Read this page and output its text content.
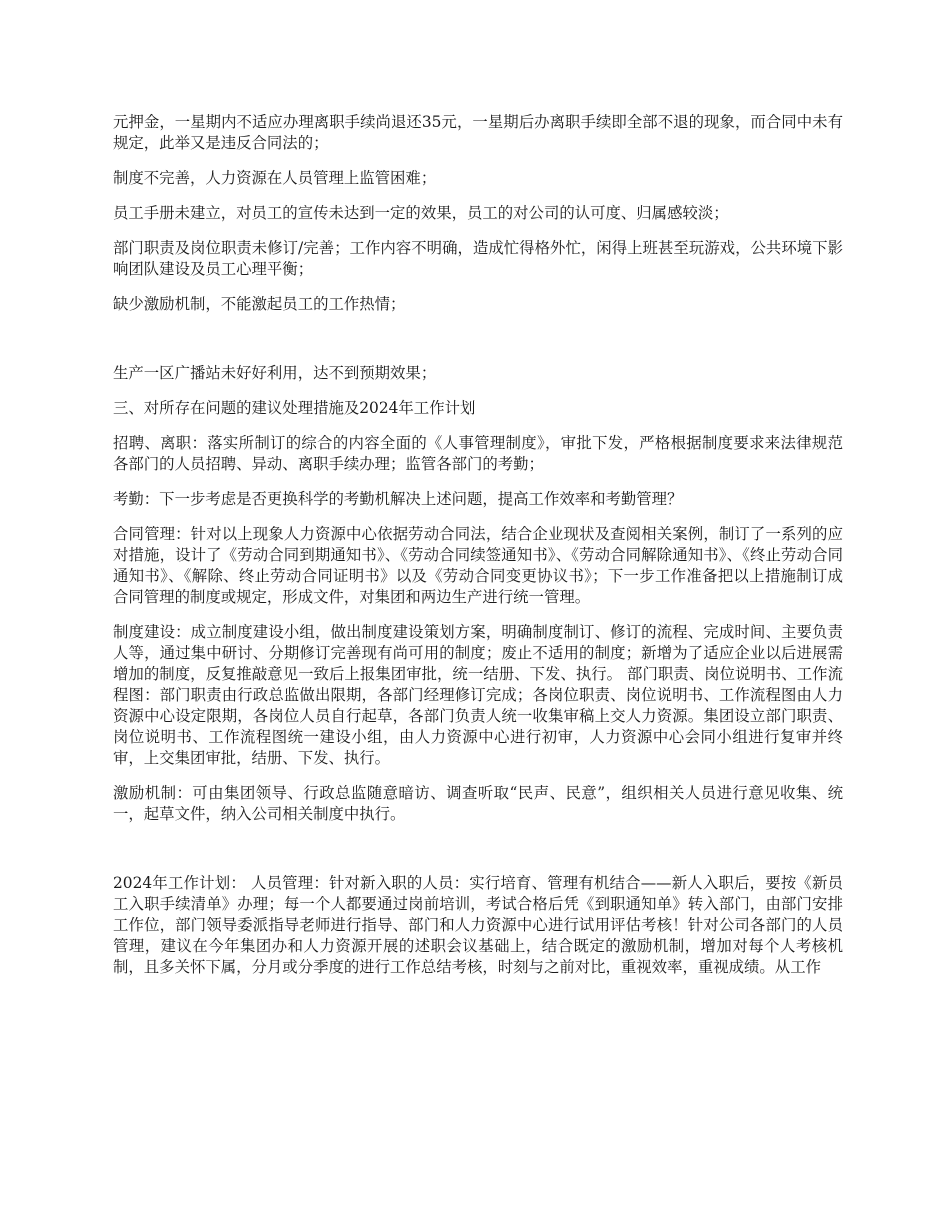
元押金，一星期内不适应办理离职手续尚退还35元，一星期后办离职手续即全部不退的现象，而合同中未有规定，此举又是违反合同法的；

制度不完善，人力资源在人员管理上监管困难；

员工手册未建立，对员工的宣传未达到一定的效果，员工的对公司的认可度、归属感较淡；

部门职责及岗位职责未修订/完善；工作内容不明确，造成忙得格外忙，闲得上班甚至玩游戏，公共环境下影响团队建设及员工心理平衡；

缺少激励机制，不能激起员工的工作热情；

生产一区广播站未好好利用，达不到预期效果；

三、对所存在问题的建议处理措施及2024年工作计划

招聘、离职：落实所制订的综合的内容全面的《人事管理制度》，审批下发，严格根据制度要求来法律规范各部门的人员招聘、异动、离职手续办理；监管各部门的考勤；

考勤：下一步考虑是否更换科学的考勤机解决上述问题，提高工作效率和考勤管理？

合同管理：针对以上现象人力资源中心依据劳动合同法，结合企业现状及查阅相关案例，制订了一系列的应对措施，设计了《劳动合同到期通知书》、《劳动合同续签通知书》、《劳动合同解除通知书》、《终止劳动合同通知书》、《解除、终止劳动合同证明书》以及《劳动合同变更协议书》；下一步工作准备把以上措施制订成合同管理的制度或规定，形成文件，对集团和两边生产进行统一管理。

制度建设：成立制度建设小组，做出制度建设策划方案，明确制度制订、修订的流程、完成时间、主要负责人等，通过集中研讨、分期修订完善现有尚可用的制度；废止不适用的制度；新增为了适应企业以后进展需增加的制度，反复推敲意见一致后上报集团审批，统一结册、下发、执行。 部门职责、岗位说明书、工作流程图：部门职责由行政总监做出限期，各部门经理修订完成；各岗位职责、岗位说明书、工作流程图由人力资源中心设定限期，各岗位人员自行起草，各部门负责人统一收集审稿上交人力资源。集团设立部门职责、岗位说明书、工作流程图统一建设小组，由人力资源中心进行初审，人力资源中心会同小组进行复审并终审，上交集团审批，结册、下发、执行。

激励机制：可由集团领导、行政总监随意暗访、调查听取“民声、民意”，组织相关人员进行意见收集、统一，起草文件，纳入公司相关制度中执行。

2024年工作计划： 人员管理：针对新入职的人员：实行培育、管理有机结合——新人入职后，要按《新员工入职手续清单》办理；每一个人都要通过岗前培训，考试合格后凭《到职通知单》转入部门，由部门安排工作位，部门领导委派指导老师进行指导、部门和人力资源中心进行试用评估考核！针对公司各部门的人员管理，建议在今年集团办和人力资源开展的述职会议基础上，结合既定的激励机制，增加对每个人考核机制，且多关怀下属，分月或分季度的进行工作总结考核，时刻与之前对比，重视效率，重视成绩。从工作
